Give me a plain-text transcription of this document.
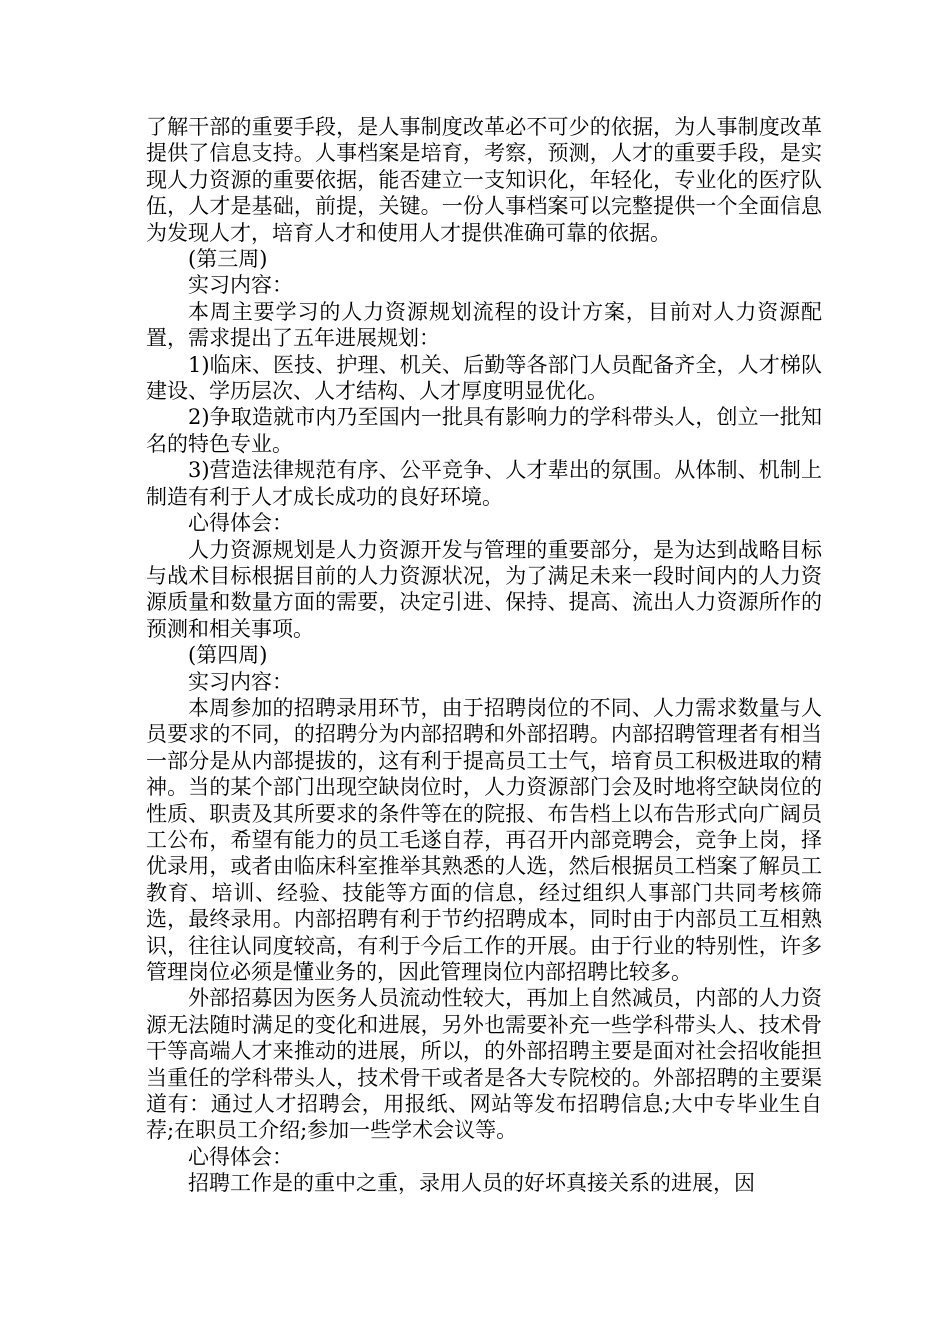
了解干部的重要手段，是人事制度改革必不可少的依据，为人事制度改革提供了信息支持。人事档案是培育，考察，预测，人才的重要手段，是实现人力资源的重要依据，能否建立一支知识化，年轻化，专业化的医疗队伍，人才是基础，前提，关键。一份人事档案可以完整提供一个全面信息为发现人才，培育人才和使用人才提供准确可靠的依据。

(第三周)

实习内容：

本周主要学习的人力资源规划流程的设计方案，目前对人力资源配置，需求提出了五年进展规划：

1)临床、医技、护理、机关、后勤等各部门人员配备齐全，人才梯队建设、学历层次、人才结构、人才厚度明显优化。

2)争取造就市内乃至国内一批具有影响力的学科带头人，创立一批知名的特色专业。

3)营造法律规范有序、公平竞争、人才辈出的氛围。从体制、机制上制造有利于人才成长成功的良好环境。

心得体会：

人力资源规划是人力资源开发与管理的重要部分，是为达到战略目标与战术目标根据目前的人力资源状况，为了满足未来一段时间内的人力资源质量和数量方面的需要，决定引进、保持、提高、流出人力资源所作的预测和相关事项。

(第四周)

实习内容：

本周参加的招聘录用环节，由于招聘岗位的不同、人力需求数量与人员要求的不同，的招聘分为内部招聘和外部招聘。内部招聘管理者有相当一部分是从内部提拔的，这有利于提高员工士气，培育员工积极进取的精神。当的某个部门出现空缺岗位时，人力资源部门会及时地将空缺岗位的性质、职责及其所要求的条件等在的院报、布告档上以布告形式向广阔员工公布，希望有能力的员工毛遂自荐，再召开内部竞聘会，竞争上岗，择优录用，或者由临床科室推举其熟悉的人选，然后根据员工档案了解员工教育、培训、经验、技能等方面的信息，经过组织人事部门共同考核筛选，最终录用。内部招聘有利于节约招聘成本，同时由于内部员工互相熟识，往往认同度较高，有利于今后工作的开展。由于行业的特别性，许多管理岗位必须是懂业务的，因此管理岗位内部招聘比较多。

外部招募因为医务人员流动性较大，再加上自然减员，内部的人力资源无法随时满足的变化和进展，另外也需要补充一些学科带头人、技术骨干等高端人才来推动的进展，所以，的外部招聘主要是面对社会招收能担当重任的学科带头人，技术骨干或者是各大专院校的。外部招聘的主要渠道有：通过人才招聘会，用报纸、网站等发布招聘信息;大中专毕业生自荐;在职员工介绍;参加一些学术会议等。

心得体会：

招聘工作是的重中之重，录用人员的好坏真接关系的进展，因
